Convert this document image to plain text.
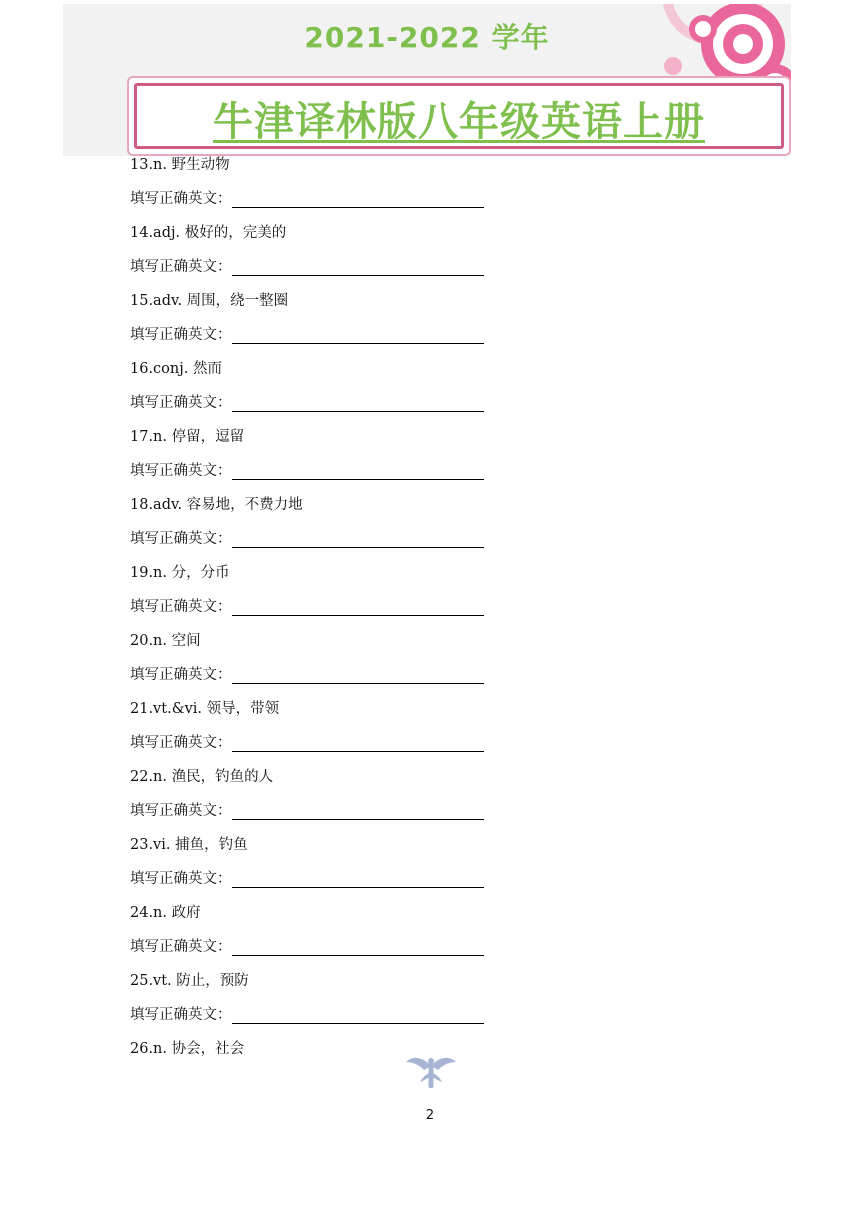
2021-2022 学年
牛津译林版八年级英语上册
13.n. 野生动物
填写正确英文：
14.adj. 极好的，完美的
填写正确英文：
15.adv. 周围，绕一整圈
填写正确英文：
16.conj. 然而
填写正确英文：
17.n. 停留，逗留
填写正确英文：
18.adv. 容易地，不费力地
填写正确英文：
19.n. 分，分币
填写正确英文：
20.n. 空间
填写正确英文：
21.vt.&vi. 领导，带领
填写正确英文：
22.n. 渔民，钓鱼的人
填写正确英文：
23.vi. 捕鱼，钓鱼
填写正确英文：
24.n. 政府
填写正确英文：
25.vt. 防止，预防
填写正确英文：
26.n. 协会，社会
2
